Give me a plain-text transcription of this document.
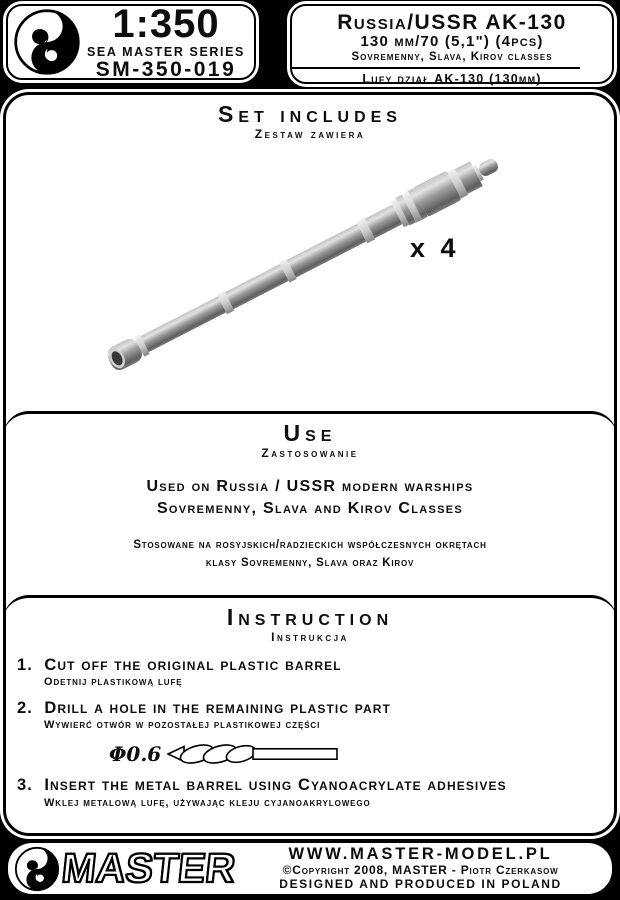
1:350
SEA MASTER SERIES
SM-350-019
Russia/USSR AK-130
130 mm/70 (5,1") (4pcs)
Sovremenny, Slava, Kirov classes
Lufy dział AK-130 (130mm)
Set includes
Zestaw zawiera
x 4
Use
Zastosowanie
Used on Russia / USSR modern warships
Sovremenny, Slava and Kirov Classes
Stosowane na rosyjskich/radzieckich współczesnych okrętach
klasy Sovremenny, Slava oraz Kirov
Instruction
Instrukcja
1. Cut off the original plastic barrel
Odetnij plastikową lufę
2. Drill a hole in the remaining plastic part
Wywierć otwór w pozostałej plastikowej części
Φ0.6
3. Insert the metal barrel using Cyanoacrylate adhesives
Wklej metalową lufę, używając kleju cyjanoakrylowego
MASTER	WWW.MASTER-MODEL.PL
©Copyright 2008, MASTER - Piotr Czerkasow
DESIGNED AND PRODUCED IN POLAND
